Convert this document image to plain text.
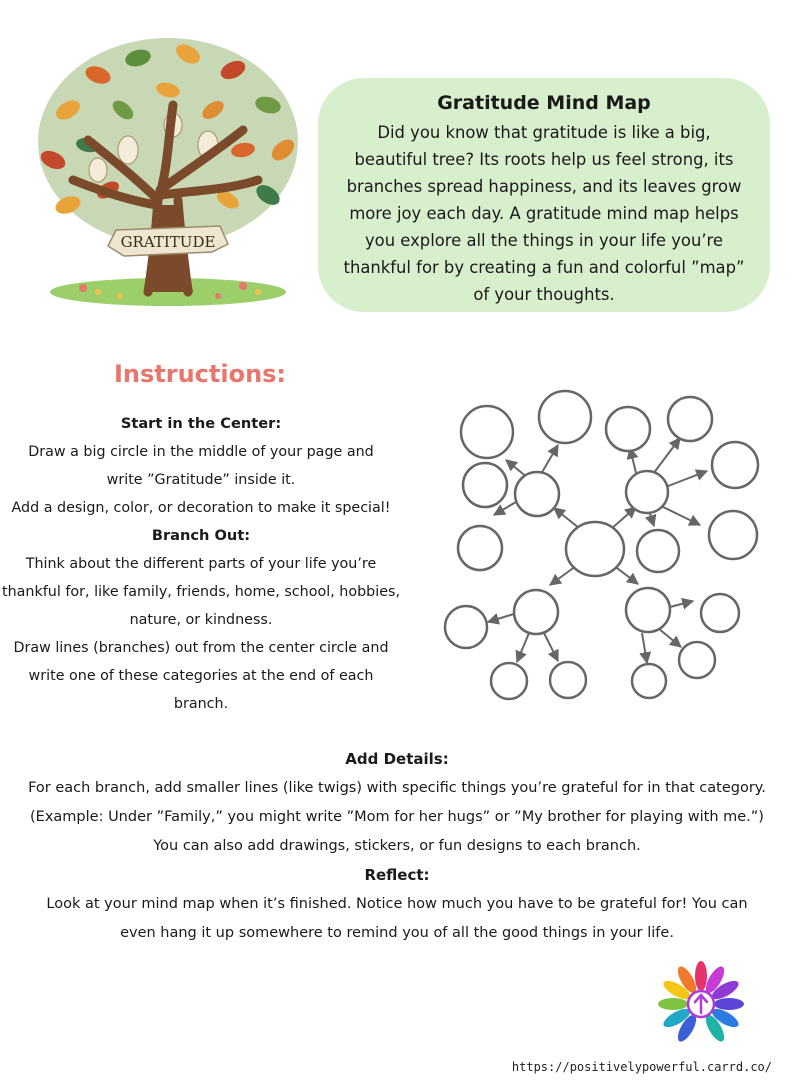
GRATITUDE
Gratitude Mind Map

Did you know that gratitude is like a big, beautiful tree? Its roots help us feel strong, its branches spread happiness, and its leaves grow more joy each day. A gratitude mind map helps you explore all the things in your life you’re thankful for by creating a fun and colorful ”map” of your thoughts.

Instructions:

Start in the Center:

Draw a big circle in the middle of your page and write ”Gratitude” inside it.

Add a design, color, or decoration to make it special!

Branch Out:

Think about the different parts of your life you’re thankful for, like family, friends, home, school, hobbies, nature, or kindness.

Draw lines (branches) out from the center circle and write one of these categories at the end of each branch.

Add Details:

For each branch, add smaller lines (like twigs) with specific things you’re grateful for in that category.

(Example: Under ”Family,” you might write ”Mom for her hugs” or ”My brother for playing with me.”)

You can also add drawings, stickers, or fun designs to each branch.

Reflect:

Look at your mind map when it’s finished. Notice how much you have to be grateful for! You can even hang it up somewhere to remind you of all the good things in your life.

https://positivelypowerful.carrd.co/
